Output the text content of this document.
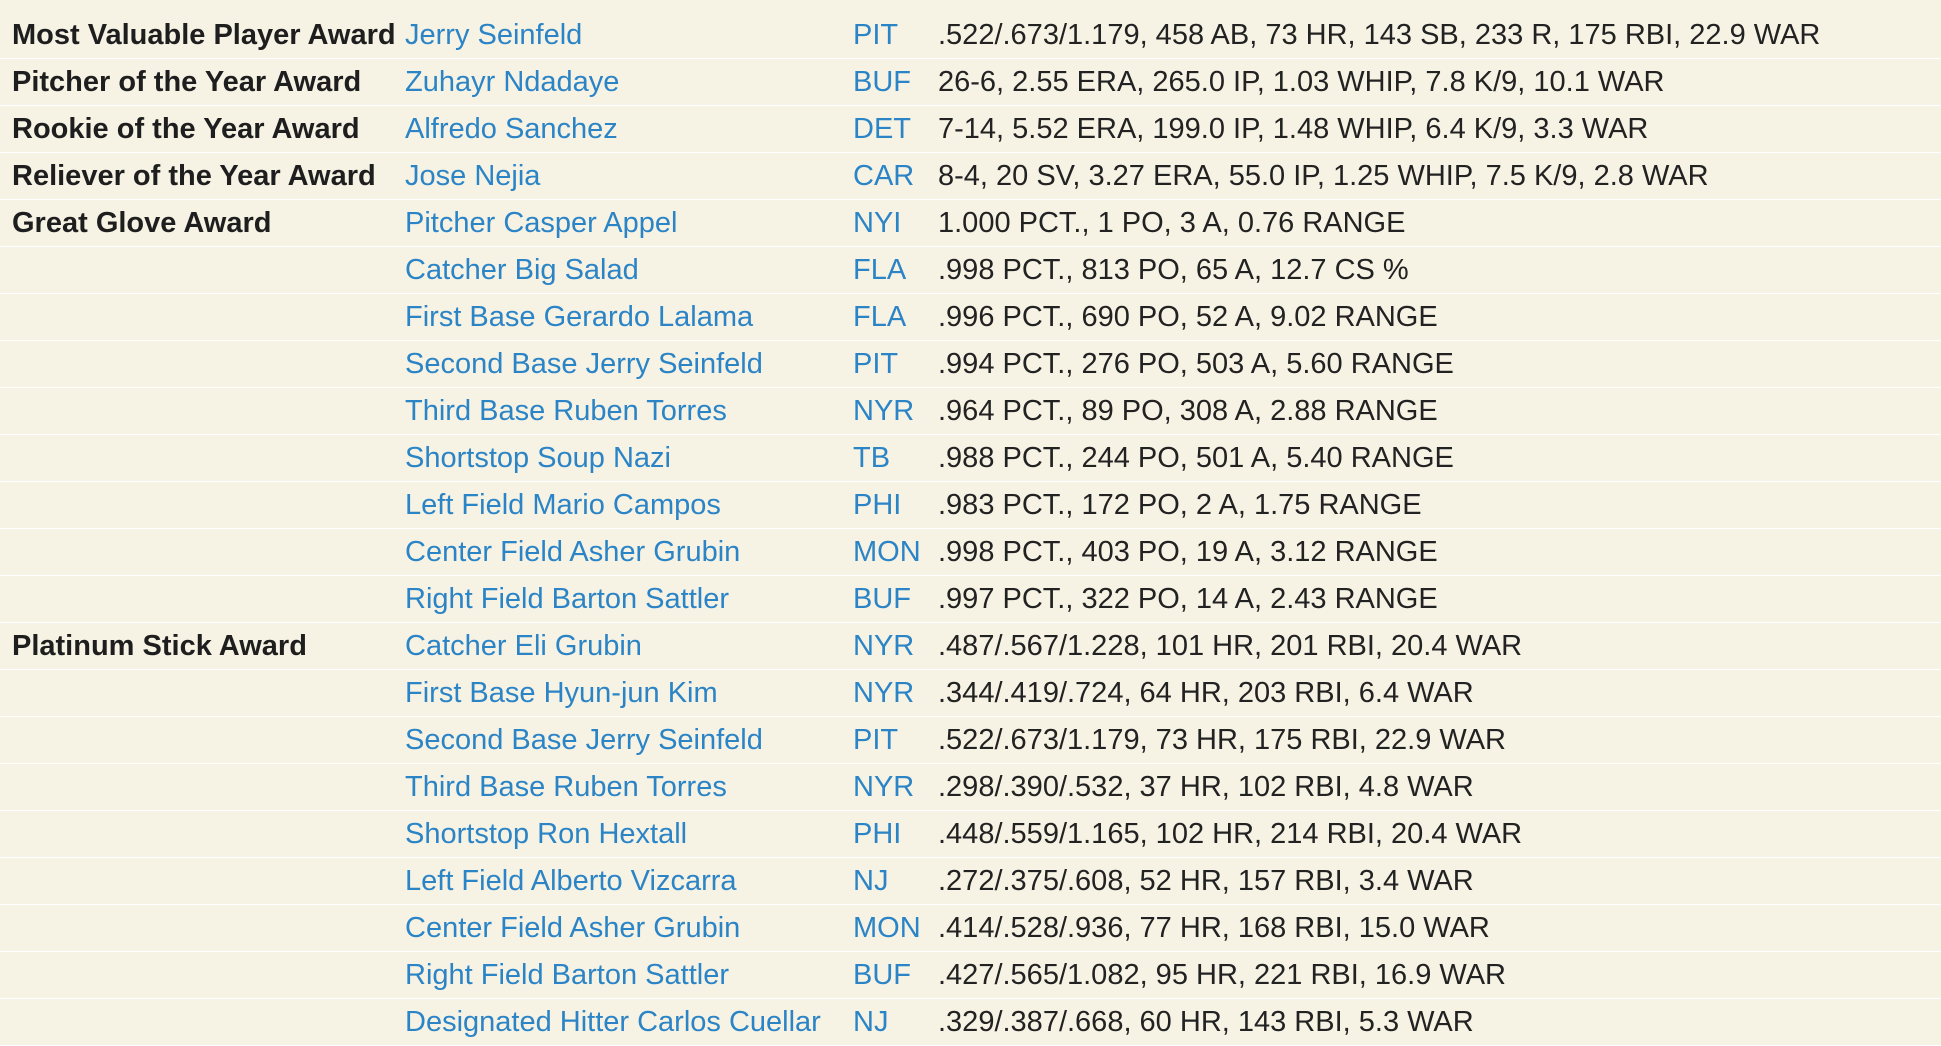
Most Valuable Player Award	Jerry Seinfeld	PIT	.522/.673/1.179, 458 AB, 73 HR, 143 SB, 233 R, 175 RBI, 22.9 WAR
Pitcher of the Year Award	Zuhayr Ndadaye	BUF	26-6, 2.55 ERA, 265.0 IP, 1.03 WHIP, 7.8 K/9, 10.1 WAR
Rookie of the Year Award	Alfredo Sanchez	DET	7-14, 5.52 ERA, 199.0 IP, 1.48 WHIP, 6.4 K/9, 3.3 WAR
Reliever of the Year Award	Jose Nejia	CAR	8-4, 20 SV, 3.27 ERA, 55.0 IP, 1.25 WHIP, 7.5 K/9, 2.8 WAR
Great Glove Award	Pitcher Casper Appel	NYI	1.000 PCT., 1 PO, 3 A, 0.76 RANGE
	Catcher Big Salad	FLA	.998 PCT., 813 PO, 65 A, 12.7 CS %
	First Base Gerardo Lalama	FLA	.996 PCT., 690 PO, 52 A, 9.02 RANGE
	Second Base Jerry Seinfeld	PIT	.994 PCT., 276 PO, 503 A, 5.60 RANGE
	Third Base Ruben Torres	NYR	.964 PCT., 89 PO, 308 A, 2.88 RANGE
	Shortstop Soup Nazi	TB	.988 PCT., 244 PO, 501 A, 5.40 RANGE
	Left Field Mario Campos	PHI	.983 PCT., 172 PO, 2 A, 1.75 RANGE
	Center Field Asher Grubin	MON	.998 PCT., 403 PO, 19 A, 3.12 RANGE
	Right Field Barton Sattler	BUF	.997 PCT., 322 PO, 14 A, 2.43 RANGE
Platinum Stick Award	Catcher Eli Grubin	NYR	.487/.567/1.228, 101 HR, 201 RBI, 20.4 WAR
	First Base Hyun-jun Kim	NYR	.344/.419/.724, 64 HR, 203 RBI, 6.4 WAR
	Second Base Jerry Seinfeld	PIT	.522/.673/1.179, 73 HR, 175 RBI, 22.9 WAR
	Third Base Ruben Torres	NYR	.298/.390/.532, 37 HR, 102 RBI, 4.8 WAR
	Shortstop Ron Hextall	PHI	.448/.559/1.165, 102 HR, 214 RBI, 20.4 WAR
	Left Field Alberto Vizcarra	NJ	.272/.375/.608, 52 HR, 157 RBI, 3.4 WAR
	Center Field Asher Grubin	MON	.414/.528/.936, 77 HR, 168 RBI, 15.0 WAR
	Right Field Barton Sattler	BUF	.427/.565/1.082, 95 HR, 221 RBI, 16.9 WAR
	Designated Hitter Carlos Cuellar	NJ	.329/.387/.668, 60 HR, 143 RBI, 5.3 WAR
